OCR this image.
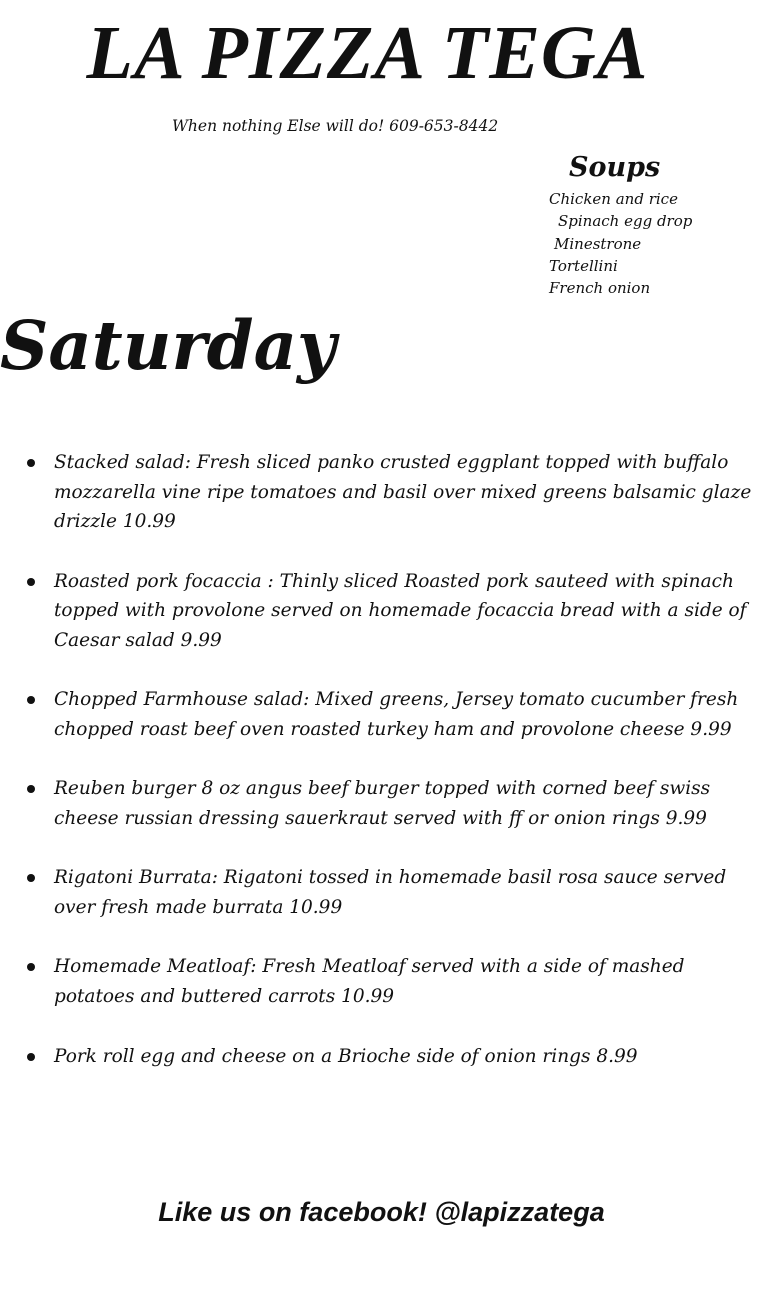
LA PIZZA TEGA
When nothing Else will do! 609-653-8442
Soups
Chicken and rice
Spinach egg drop
Minestrone
Tortellini
French onion
Saturday
Stacked salad: Fresh sliced panko crusted eggplant topped with buffalo mozzarella vine ripe tomatoes and basil over mixed greens balsamic glaze drizzle 10.99
Roasted pork focaccia : Thinly sliced Roasted pork sauteed with spinach topped with provolone served on homemade focaccia bread with a side of Caesar salad 9.99
Chopped Farmhouse salad: Mixed greens, Jersey tomato cucumber fresh chopped roast beef oven roasted turkey ham and provolone cheese 9.99
Reuben burger 8 oz angus beef burger topped with corned beef swiss cheese russian dressing sauerkraut served with ff or onion rings 9.99
Rigatoni Burrata: Rigatoni tossed in homemade basil rosa sauce served over fresh made burrata 10.99
Homemade Meatloaf: Fresh Meatloaf served with a side of mashed potatoes and buttered carrots 10.99
Pork roll egg and cheese on a Brioche side of onion rings 8.99
Like us on facebook! @lapizzatega
